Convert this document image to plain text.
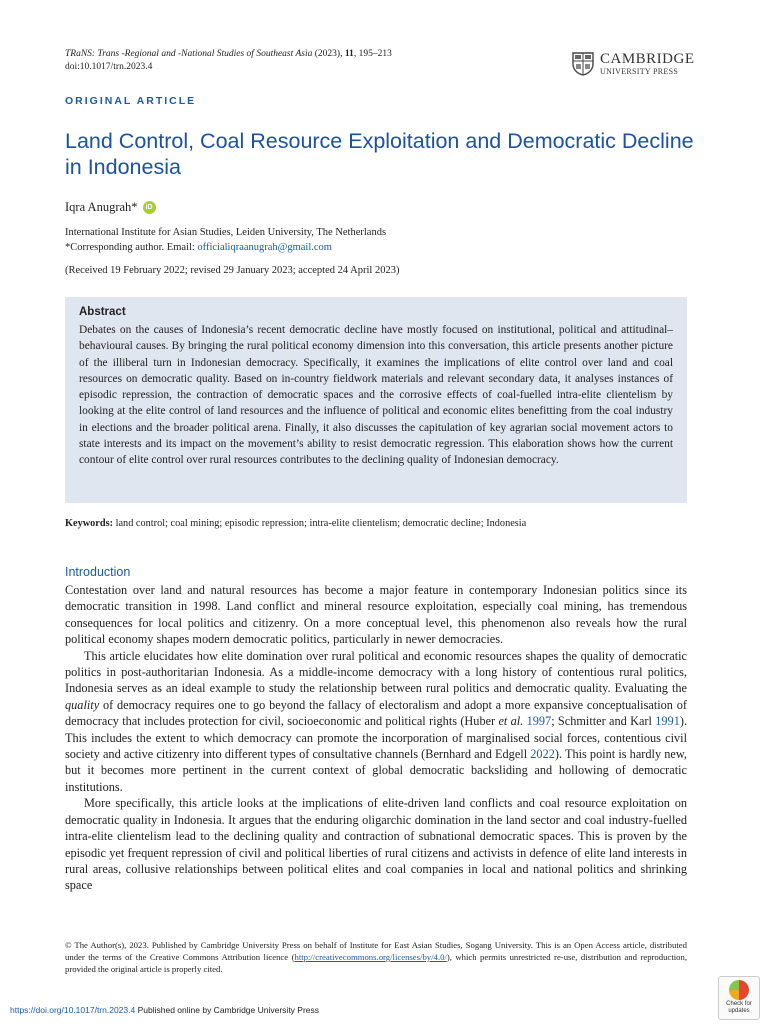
TRaNS: Trans -Regional and -National Studies of Southeast Asia (2023), 11, 195–213
doi:10.1017/trn.2023.4	CAMBRIDGE
UNIVERSITY PRESS
ORIGINAL ARTICLE
Land Control, Coal Resource Exploitation and Democratic Decline in Indonesia
Iqra Anugrah*	iD
International Institute for Asian Studies, Leiden University, The Netherlands
*Corresponding author. Email: officialiqraanugrah@gmail.com
(Received 19 February 2022; revised 29 January 2023; accepted 24 April 2023)
Abstract
Debates on the causes of Indonesia’s recent democratic decline have mostly focused on institutional, political and attitudinal–behavioural causes. By bringing the rural political economy dimension into this conversation, this article presents another picture of the illiberal turn in Indonesian democracy. Specifically, it examines the implications of elite control over land and coal resources on democratic quality. Based on in-country fieldwork materials and relevant secondary data, it analyses instances of episodic repression, the contraction of democratic spaces and the corrosive effects of coal-fuelled intra-elite clientelism by looking at the elite control of land resources and the influence of political and economic elites benefitting from the coal industry in elections and the broader political arena. Finally, it also discusses the capitulation of key agrarian social movement actors to state interests and its impact on the movement’s ability to resist democratic regression. This elaboration shows how the current contour of elite control over rural resources contributes to the declining quality of Indonesian democracy.
Keywords: land control; coal mining; episodic repression; intra-elite clientelism; democratic decline; Indonesia
Introduction

Contestation over land and natural resources has become a major feature in contemporary Indonesian politics since its democratic transition in 1998. Land conflict and mineral resource exploitation, especially coal mining, has tremendous consequences for local politics and citizenry. On a more conceptual level, this phenomenon also reveals how the rural political economy shapes modern democratic politics, particularly in newer democracies.

This article elucidates how elite domination over rural political and economic resources shapes the quality of democratic politics in post-authoritarian Indonesia. As a middle-income democracy with a long history of contentious rural politics, Indonesia serves as an ideal example to study the relationship between rural politics and democratic quality. Evaluating the quality of democracy requires one to go beyond the fallacy of electoralism and adopt a more expansive conceptualisation of democracy that includes protection for civil, socioeconomic and political rights (Huber et al. 1997; Schmitter and Karl 1991). This includes the extent to which democracy can promote the incorporation of marginalised social forces, contentious civil society and active citizenry into different types of consultative channels (Bernhard and Edgell 2022). This point is hardly new, but it becomes more pertinent in the current context of global democratic backsliding and hollowing of democratic institutions.

More specifically, this article looks at the implications of elite-driven land conflicts and coal resource exploitation on democratic quality in Indonesia. It argues that the enduring oligarchic domination in the land sector and coal industry-fuelled intra-elite clientelism lead to the declining quality and contraction of subnational democratic spaces. This is proven by the episodic yet frequent repression of civil and political liberties of rural citizens and activists in defence of elite land interests in rural areas, collusive relationships between political elites and coal companies in local and national politics and shrinking space

© The Author(s), 2023. Published by Cambridge University Press on behalf of Institute for East Asian Studies, Sogang University. This is an Open Access article, distributed under the terms of the Creative Commons Attribution licence (http://creativecommons.org/licenses/by/4.0/), which permits unrestricted re-use, distribution and reproduction, provided the original article is properly cited.
https://doi.org/10.1017/trn.2023.4 Published online by Cambridge University Press
Check for
updates
